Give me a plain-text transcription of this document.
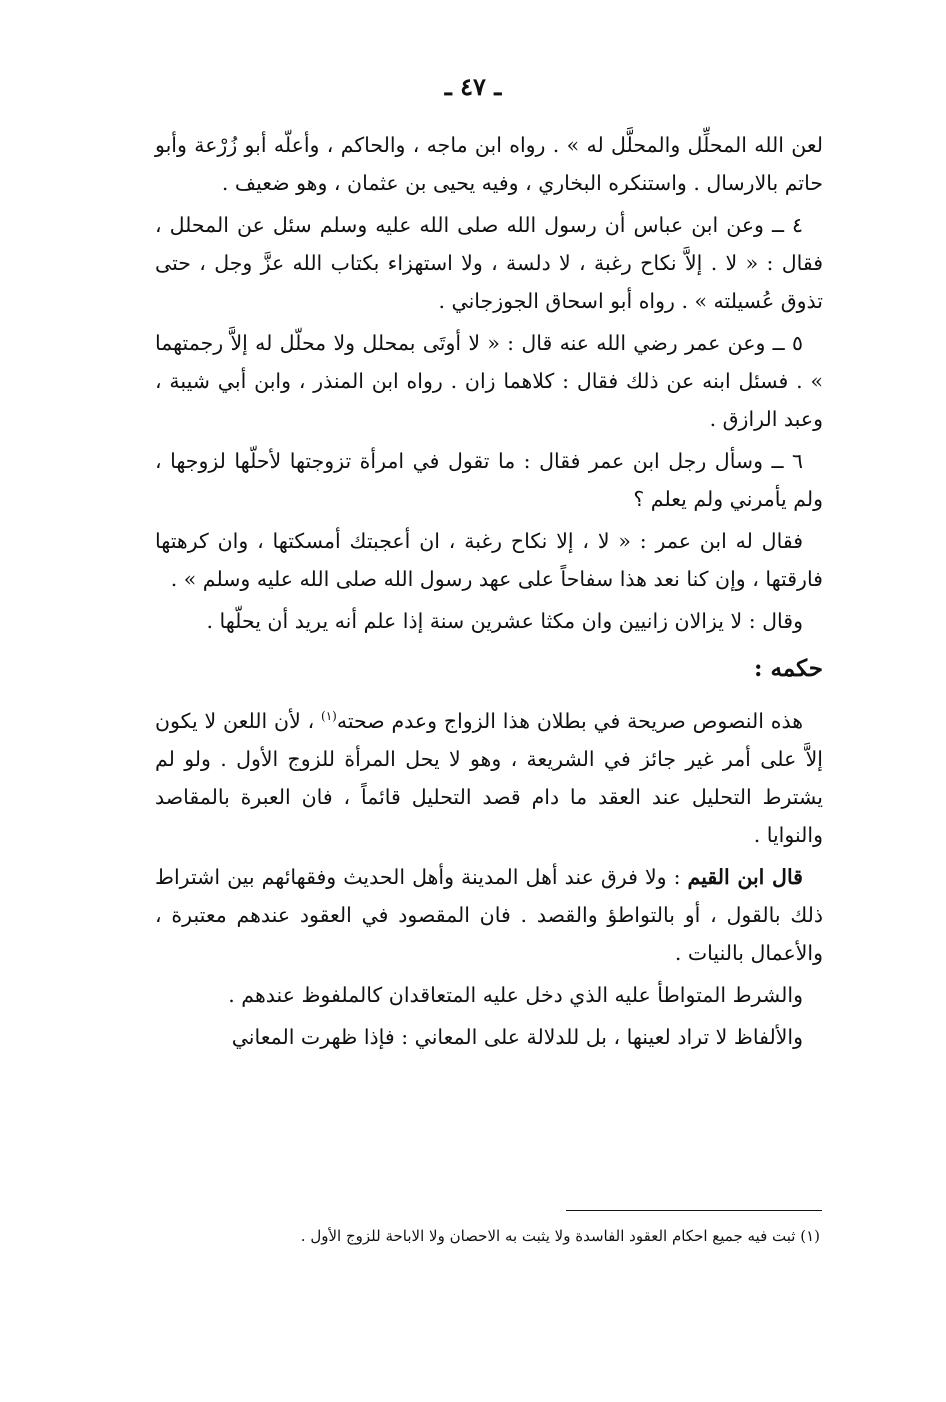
ـ ٤٧ ـ

لعن الله المحلِّل والمحلَّل له » . رواه ابن ماجه ، والحاكم ، وأعلّه أبو زُرْعة وأبو حاتم بالارسال . واستنكره البخاري ، وفيه يحيى بن عثمان ، وهو ضعيف .

٤ ــ وعن ابن عباس أن رسول الله صلى الله عليه وسلم سئل عن المحلل ، فقال : « لا . إلاَّ نكاح رغبة ، لا دلسة ، ولا استهزاء بكتاب الله عزَّ وجل ، حتى تذوق عُسيلته » . رواه أبو اسحاق الجوزجاني .

٥ ــ وعن عمر رضي الله عنه قال : « لا أوتَى بمحلل ولا محلّل له إلاَّ رجمتهما » . فسئل ابنه عن ذلك فقال : كلاهما زان . رواه ابن المنذر ، وابن أبي شيبة ، وعبد الرازق .

٦ ــ وسأل رجل ابن عمر فقال : ما تقول في امرأة تزوجتها لأحلّها لزوجها ، ولم يأمرني ولم يعلم ؟

فقال له ابن عمر : « لا ، إلا نكاح رغبة ، ان أعجبتك أمسكتها ، وان كرهتها فارقتها ، وإن كنا نعد هذا سفاحاً على عهد رسول الله صلى الله عليه وسلم » .

وقال : لا يزالان زانيين وان مكثا عشرين سنة إذا علم أنه يريد أن يحلّها .

حكمه :

هذه النصوص صريحة في بطلان هذا الزواج وعدم صحته$^{(١)}$ ، لأن اللعن لا يكون إلاَّ على أمر غير جائز في الشريعة ، وهو لا يحل المرأة للزوج الأول . ولو لم يشترط التحليل عند العقد ما دام قصد التحليل قائماً ، فان العبرة بالمقاصد والنوايا .

قال ابن القيم : ولا فرق عند أهل المدينة وأهل الحديث وفقهائهم بين اشتراط ذلك بالقول ، أو بالتواطؤ والقصد . فان المقصود في العقود عندهم معتبرة ، والأعمال بالنيات .

والشرط المتواطأ عليه الذي دخل عليه المتعاقدان كالملفوظ عندهم .

والألفاظ لا تراد لعينها ، بل للدلالة على المعاني : فإذا ظهرت المعاني

(١) ثبت فيه جميع احكام العقود الفاسدة ولا يثبت به الاحصان ولا الاباحة للزوج الأول .
